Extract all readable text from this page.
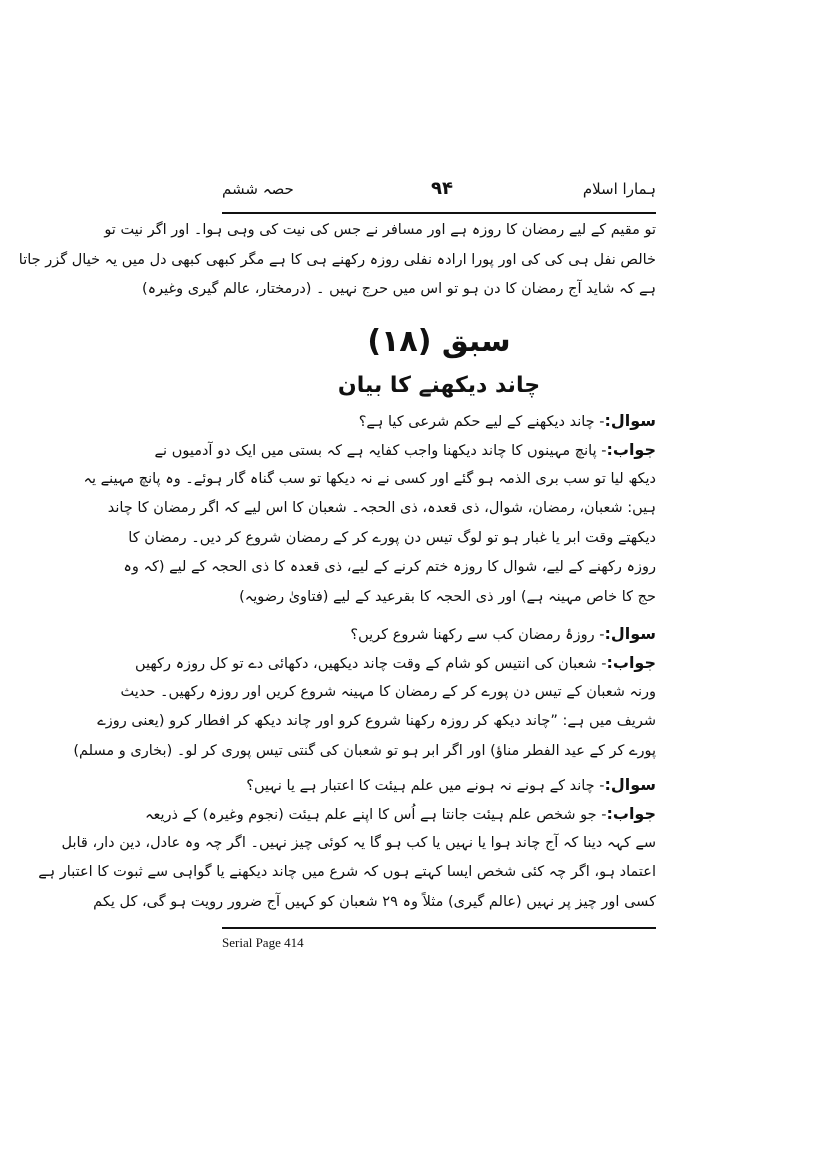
حصہ ششم	۹۴	ہمارا اسلام
تو مقیم کے لیے رمضان کا روزہ ہے اور مسافر نے جس کی نیت کی وہی ہوا۔ اور اگر نیت تو
خالص نفل ہی کی کی اور پورا ارادہ نفلی روزہ رکھنے ہی کا ہے مگر کبھی کبھی دل میں یہ خیال گزر جاتا
ہے کہ شاید آج رمضان کا دن ہو تو اس میں حرج نہیں ۔ (درمختار، عالم گیری وغیرہ)
سبق (۱۸)
چاند دیکھنے کا بیان
سوال:- چاند دیکھنے کے لیے حکم شرعی کیا ہے؟
جواب:- پانچ مہینوں کا چاند دیکھنا واجب کفایہ ہے کہ بستی میں ایک دو آدمیوں نے
دیکھ لیا تو سب بری الذمہ ہو گئے اور کسی نے نہ دیکھا تو سب گناہ گار ہوئے۔ وہ پانچ مہینے یہ
ہیں: شعبان، رمضان، شوال، ذی قعدہ، ذی الحجہ۔ شعبان کا اس لیے کہ اگر رمضان کا چاند
دیکھتے وقت ابر یا غبار ہو تو لوگ تیس دن پورے کر کے رمضان شروع کر دیں۔ رمضان کا
روزہ رکھنے کے لیے، شوال کا روزہ ختم کرنے کے لیے، ذی قعدہ کا ذی الحجہ کے لیے (کہ وہ
حج کا خاص مہینہ ہے) اور ذی الحجہ کا بقرعید کے لیے (فتاویٰ رضویہ)
سوال:- روزۂ رمضان کب سے رکھنا شروع کریں؟
جواب:- شعبان کی انتیس کو شام کے وقت چاند دیکھیں، دکھائی دے تو کل روزہ رکھیں
ورنہ شعبان کے تیس دن پورے کر کے رمضان کا مہینہ شروع کریں اور روزہ رکھیں۔ حدیث
شریف میں ہے: ”چاند دیکھ کر روزہ رکھنا شروع کرو اور چاند دیکھ کر افطار کرو (یعنی روزے
پورے کر کے عید الفطر مناؤ) اور اگر ابر ہو تو شعبان کی گنتی تیس پوری کر لو۔ (بخاری و مسلم)
سوال:- چاند کے ہونے نہ ہونے میں علم ہیئت کا اعتبار ہے یا نہیں؟
جواب:- جو شخص علم ہیئت جانتا ہے اُس کا اپنے علم ہیئت (نجوم وغیرہ) کے ذریعہ
سے کہہ دینا کہ آج چاند ہوا یا نہیں یا کب ہو گا یہ کوئی چیز نہیں۔ اگر چہ وہ عادل، دین دار، قابل
اعتماد ہو، اگر چہ کئی شخص ایسا کہتے ہوں کہ شرع میں چاند دیکھنے یا گواہی سے ثبوت کا اعتبار ہے
کسی اور چیز پر نہیں (عالم گیری) مثلاً وہ ۲۹ شعبان کو کہیں آج ضرور رویت ہو گی، کل یکم
Serial Page 414
